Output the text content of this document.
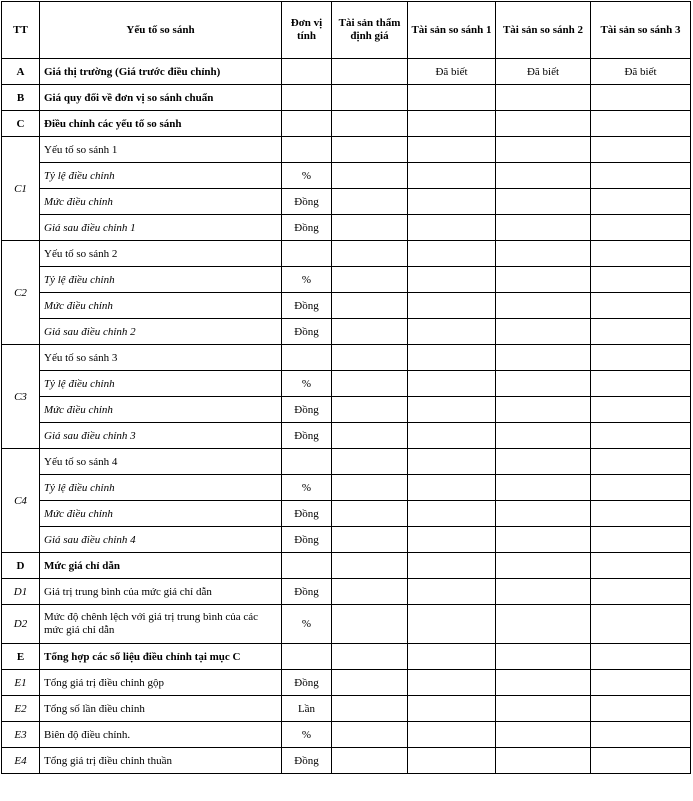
TT	Yếu tố so sánh	Đơn vị tính	Tài sản thẩm định giá	Tài sản so sánh 1	Tài sản so sánh 2	Tài sản so sánh 3
A	Giá thị trường (Giá trước điều chỉnh)			Đã biết	Đã biết	Đã biết
B	Giá quy đổi về đơn vị so sánh chuẩn					
C	Điều chỉnh các yếu tố so sánh					
C1	Yếu tố so sánh 1					
	Tỷ lệ điều chỉnh	%				
	Mức điều chỉnh	Đồng				
	Giá sau điều chỉnh 1	Đồng				
C2	Yếu tố so sánh 2					
	Tỷ lệ điều chỉnh	%				
	Mức điều chỉnh	Đồng				
	Giá sau điều chỉnh 2	Đồng				
C3	Yếu tố so sánh 3					
	Tỷ lệ điều chỉnh	%				
	Mức điều chỉnh	Đồng				
	Giá sau điều chỉnh 3	Đồng				
C4	Yếu tố so sánh 4					
	Tỷ lệ điều chỉnh	%				
	Mức điều chỉnh	Đồng				
	Giá sau điều chỉnh 4	Đồng				
D	Mức giá chỉ dẫn					
D1	Giá trị trung bình của mức giá chỉ dẫn	Đồng				
D2	Mức độ chênh lệch với giá trị trung bình của các mức giá chỉ dẫn	%				
E	Tổng hợp các số liệu điều chỉnh tại mục C					
E1	Tổng giá trị điều chỉnh gộp	Đồng				
E2	Tổng số lần điều chỉnh	Lần				
E3	Biên độ điều chỉnh.	%				
E4	Tổng giá trị điều chỉnh thuần	Đồng				
